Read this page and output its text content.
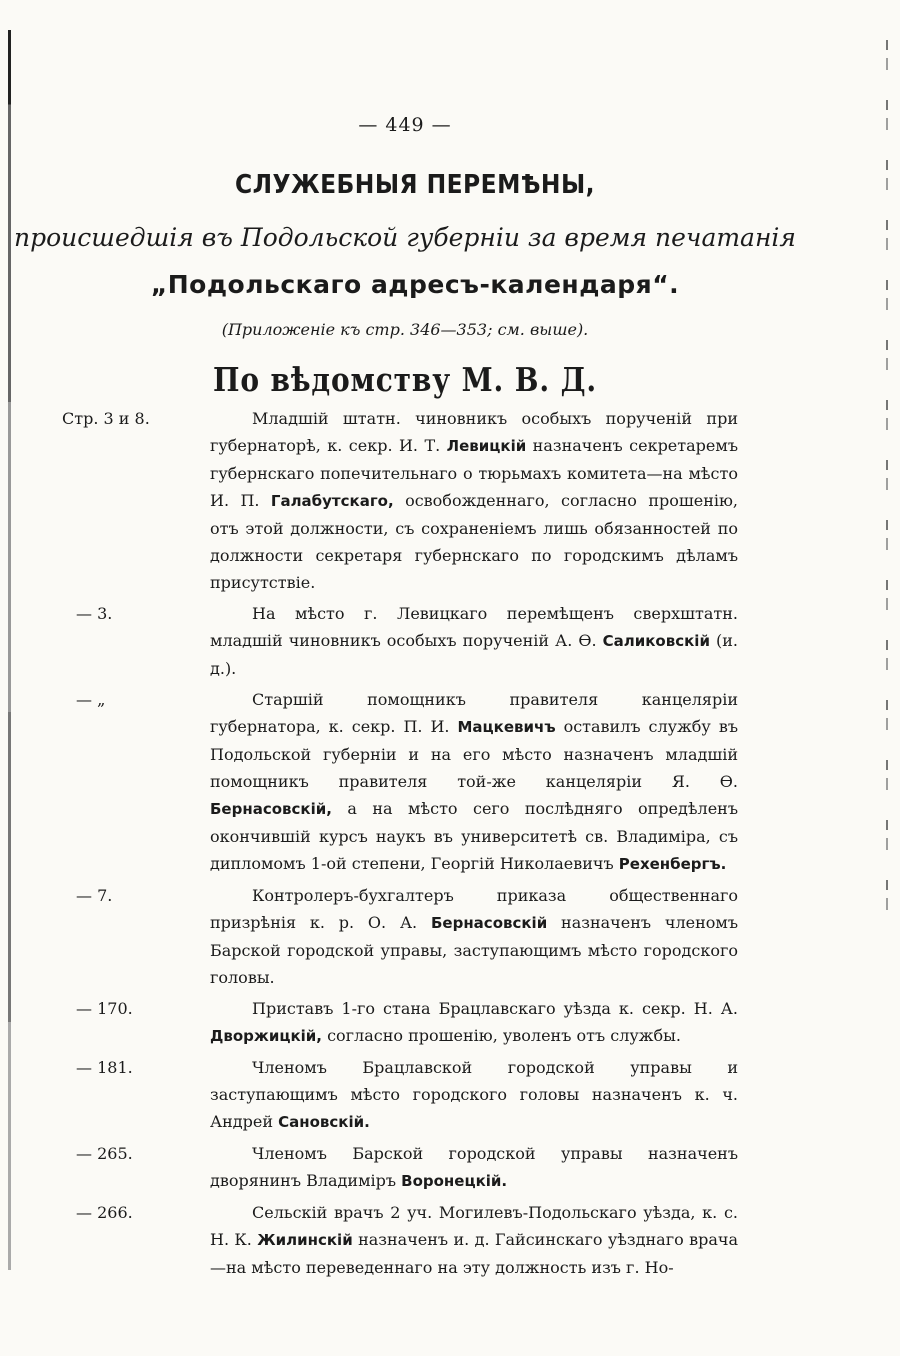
— 449 —
СЛУЖЕБНЫЯ ПЕРЕМѢНЫ,
происшедшія въ Подольской губерніи за время печатанія
„Подольскаго адресъ-календаря“.
(Приложеніе къ стр. 346—353; см. выше).
По вѣдомству М. В. Д.
Стр. 3 и 8.	Младшій штатн. чиновникъ особыхъ порученій при губернаторѣ, к. секр. И. Т. Левицкій назначенъ секретаремъ губернскаго попечительнаго о тюрьмахъ комитета—на мѣсто И. П. Галабутскаго, освобожденнаго, согласно прошенію, отъ этой должности, съ сохраненіемъ лишь обязанностей по должности секретаря губернскаго по городскимъ дѣламъ присутствіе.
— 3.	На мѣсто г. Левицкаго перемѣщенъ сверхштатн. младшій чиновникъ особыхъ порученій А. Ѳ. Саликовскій (и. д.).
— „	Старшій помощникъ правителя канцеляріи губернатора, к. секр. П. И. Мацкевичъ оставилъ службу въ Подольской губерніи и на его мѣсто назначенъ младшій помощникъ правителя той-же канцеляріи Я. Ѳ. Бернасовскій, а на мѣсто сего послѣдняго опредѣленъ окончившій курсъ наукъ въ университетѣ св. Владиміра, съ дипломомъ 1-ой степени, Георгій Николаевичъ Рехенбергъ.
— 7.	Контролеръ-бухгалтеръ приказа общественнаго призрѣнія к. р. О. А. Бернасовскій назначенъ членомъ Барской городской управы, заступающимъ мѣсто городского головы.
— 170.	Приставъ 1-го стана Брацлавскаго уѣзда к. секр. Н. А. Дворжицкій, согласно прошенію, уволенъ отъ службы.
— 181.	Членомъ Брацлавской городской управы и заступающимъ мѣсто городского головы назначенъ к. ч. Андрей Сановскій.
— 265.	Членомъ Барской городской управы назначенъ дворянинъ Владиміръ Воронецкій.
— 266.	Сельскій врачъ 2 уч. Могилевъ-Подольскаго уѣзда, к. с. Н. К. Жилинскій назначенъ и. д. Гайсинскаго уѣзднаго врача—на мѣсто переведеннаго на эту должность изъ г. Но-
